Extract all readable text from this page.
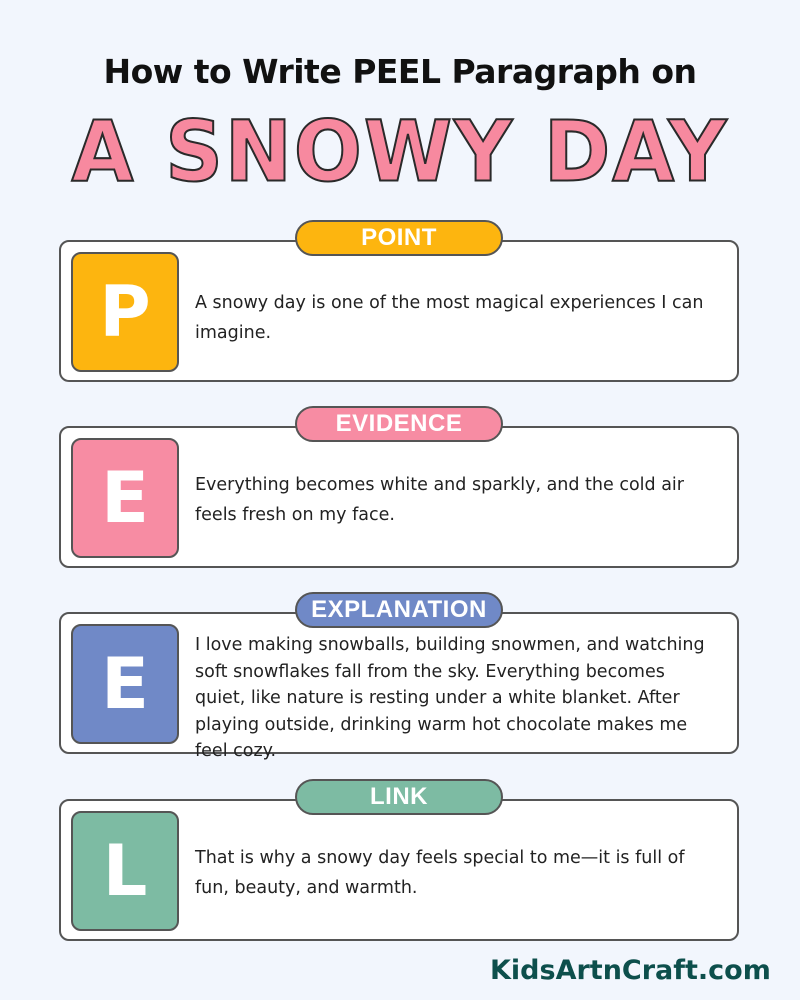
How to Write PEEL Paragraph on
A SNOWY DAY
P	A snowy day is one of the most magical experiences I can imagine.
POINT
E	Everything becomes white and sparkly, and the cold air feels fresh on my face.
EVIDENCE
E	I love making snowballs, building snowmen, and watching soft snowflakes fall from the sky. Everything becomes quiet, like nature is resting under a white blanket. After playing outside, drinking warm hot chocolate makes me feel cozy.
EXPLANATION
L	That is why a snowy day feels special to me—it is full of fun, beauty, and warmth.
LINK
KidsArtnCraft.com
